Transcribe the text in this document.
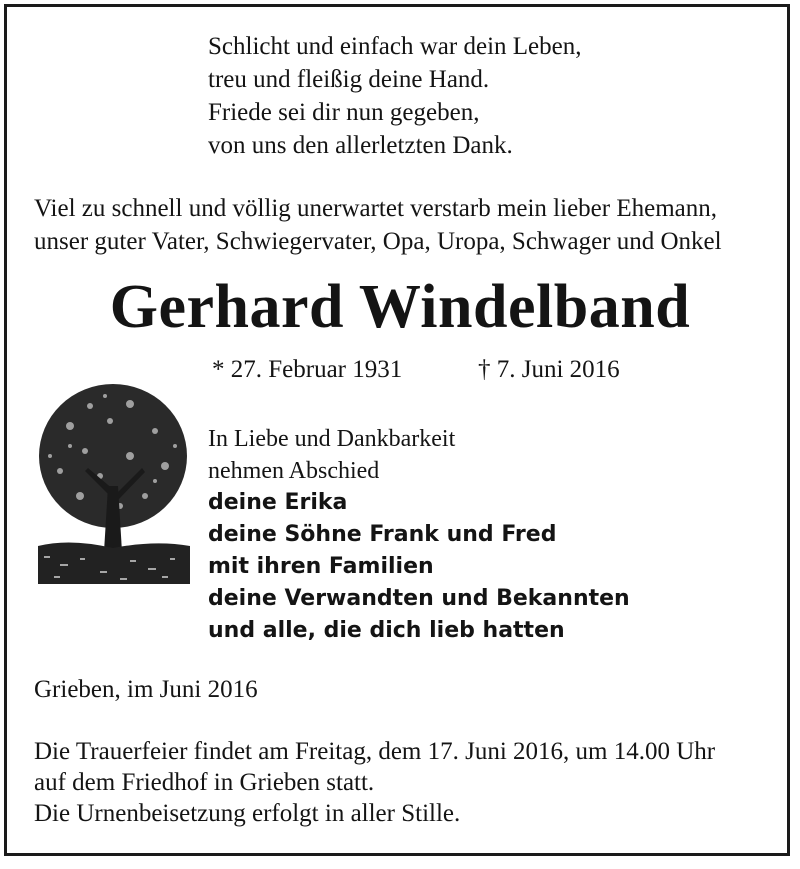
Schlicht und einfach war dein Leben,

treu und fleißig deine Hand.

Friede sei dir nun gegeben,

von uns den allerletzten Dank.

Viel zu schnell und völlig unerwartet verstarb mein lieber Ehemann,

unser guter Vater, Schwiegervater, Opa, Uropa, Schwager und Onkel

Gerhard Windelband
* 27. Februar 1931	† 7. Juni 2016

In Liebe und Dankbarkeit

nehmen Abschied

deine Erika

deine Söhne Frank und Fred

mit ihren Familien

deine Verwandten und Bekannten

und alle, die dich lieb hatten

Grieben, im Juni 2016

Die Trauerfeier findet am Freitag, dem 17. Juni 2016, um 14.00 Uhr

auf dem Friedhof in Grieben statt.

Die Urnenbeisetzung erfolgt in aller Stille.
